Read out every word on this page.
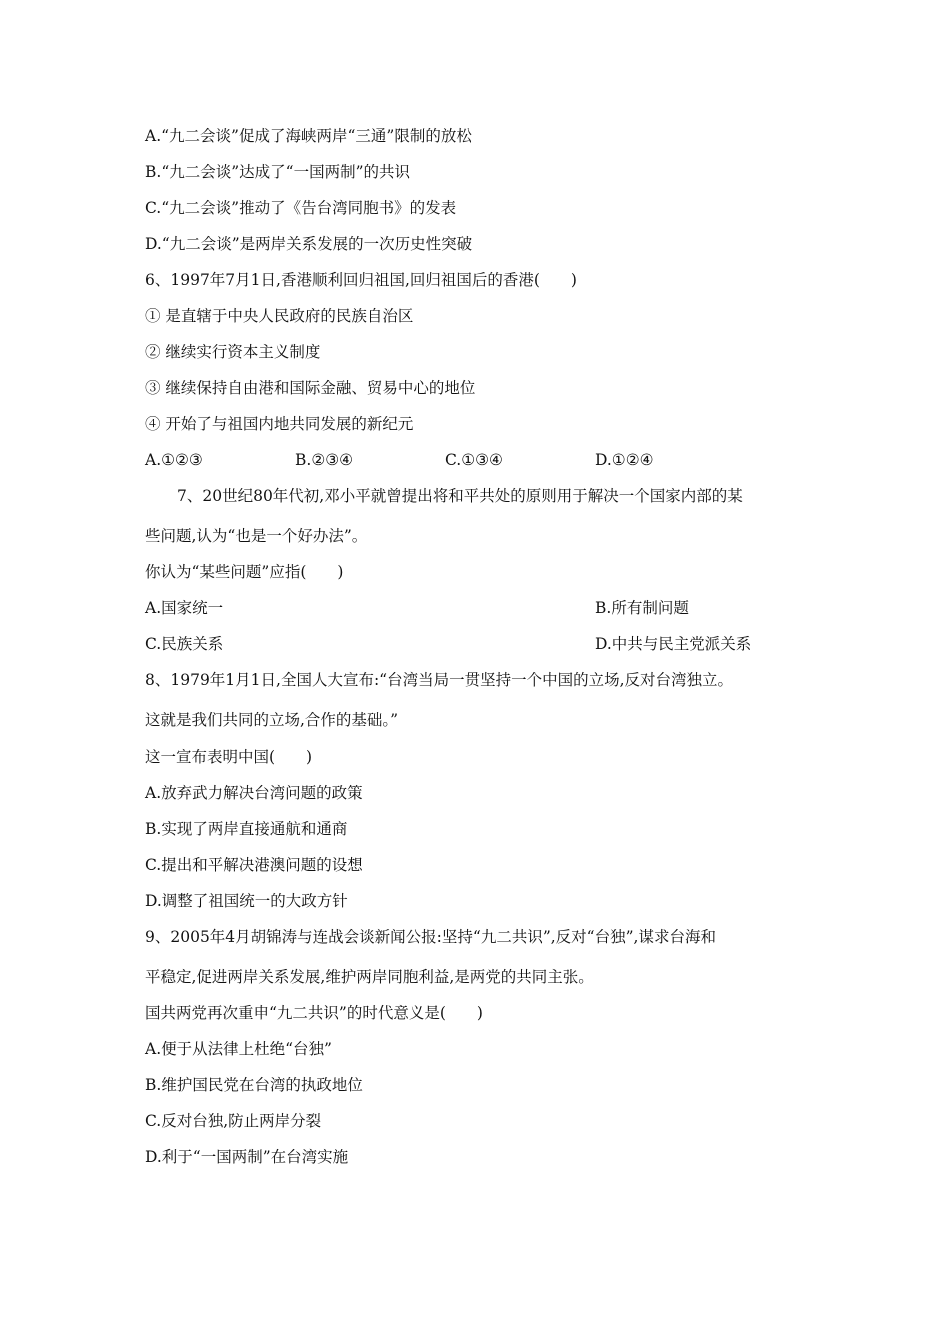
A.“九二会谈”促成了海峡两岸“三通”限制的放松
B.“九二会谈”达成了“一国两制”的共识
C.“九二会谈”推动了《告台湾同胞书》的发表
D.“九二会谈”是两岸关系发展的一次历史性突破
6、1997年7月1日,香港顺利回归祖国,回归祖国后的香港(　　)
① 是直辖于中央人民政府的民族自治区
② 继续实行资本主义制度
③ 继续保持自由港和国际金融、贸易中心的地位
④ 开始了与祖国内地共同发展的新纪元
A.①②③	B.②③④	C.①③④	D.①②④
7、20世纪80年代初,邓小平就曾提出将和平共处的原则用于解决一个国家内部的某
些问题,认为“也是一个好办法”。
你认为“某些问题”应指(　　)
A.国家统一	B.所有制问题
C.民族关系	D.中共与民主党派关系
8、1979年1月1日,全国人大宣布:“台湾当局一贯坚持一个中国的立场,反对台湾独立。
这就是我们共同的立场,合作的基础。”
这一宣布表明中国(　　)
A.放弃武力解决台湾问题的政策
B.实现了两岸直接通航和通商
C.提出和平解决港澳问题的设想
D.调整了祖国统一的大政方针
9、2005年4月胡锦涛与连战会谈新闻公报:坚持“九二共识”,反对“台独”,谋求台海和
平稳定,促进两岸关系发展,维护两岸同胞利益,是两党的共同主张。
国共两党再次重申“九二共识”的时代意义是(　　)
A.便于从法律上杜绝“台独”
B.维护国民党在台湾的执政地位
C.反对台独,防止两岸分裂
D.利于“一国两制”在台湾实施
